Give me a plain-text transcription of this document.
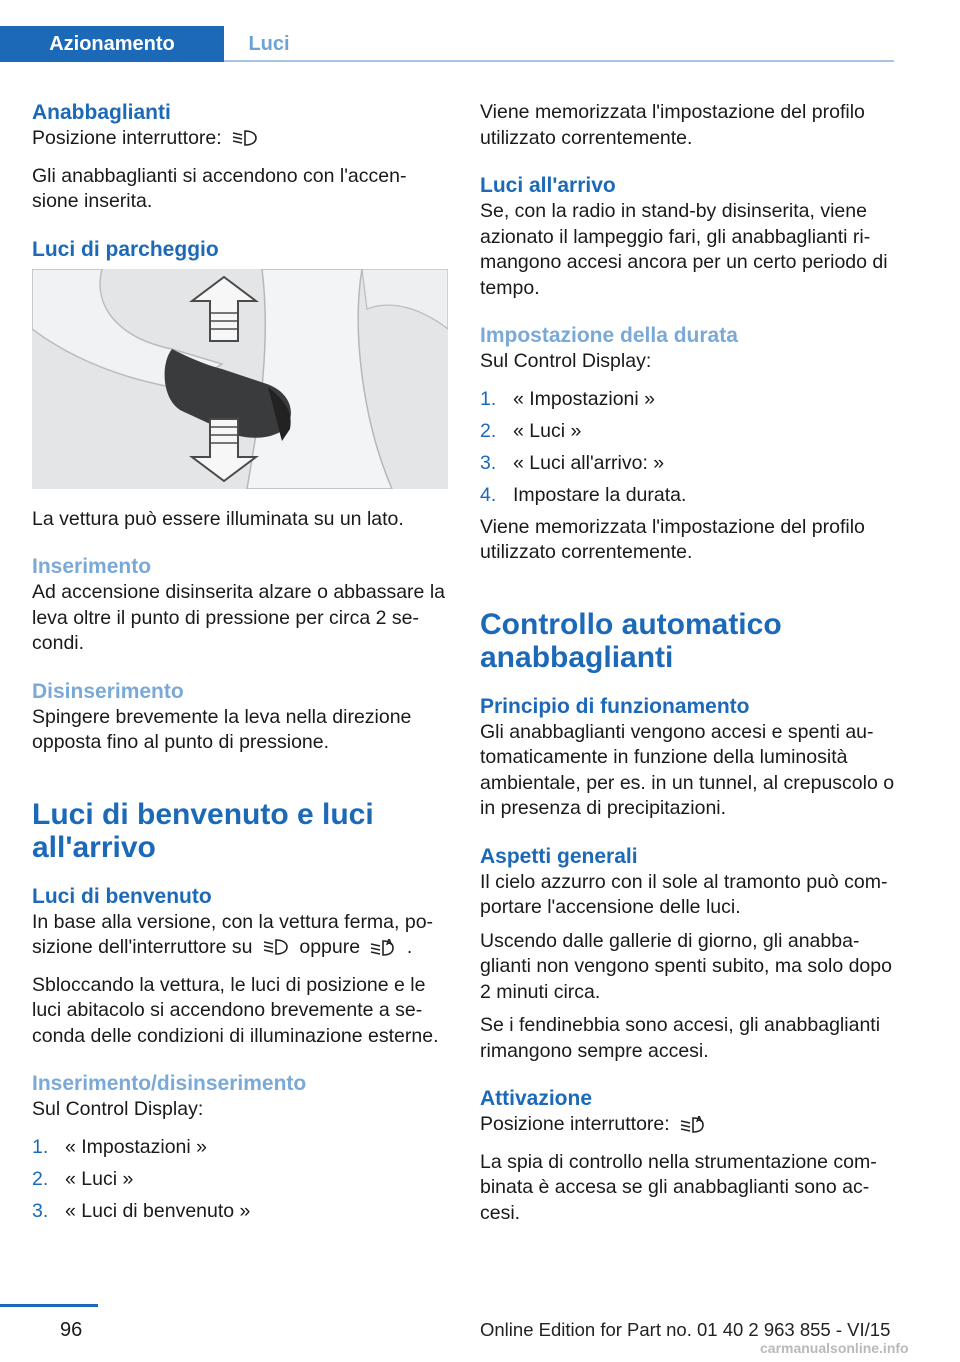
Azionamento	Luci
Anabbaglianti
Posizione interruttore:
Gli anabbaglianti si accendono con l'accen‐ sione inserita.
Luci di parcheggio
La vettura può essere illuminata su un lato.
Inserimento
Ad accensione disinserita alzare o abbassare la leva oltre il punto di pressione per circa 2 se‐ condi.
Disinserimento
Spingere brevemente la leva nella direzione opposta fino al punto di pressione.
Luci di benvenuto e luci all'arrivo
Luci di benvenuto
In base alla versione, con la vettura ferma, po‐ sizione dell'interruttore su oppure	A .
Sbloccando la vettura, le luci di posizione e le luci abitacolo si accendono brevemente a se‐ conda delle condizioni di illuminazione esterne.
Inserimento/disinserimento
Sul Control Display:
1. « Impostazioni »
2. « Luci »
3. « Luci di benvenuto »
Viene memorizzata l'impostazione del profilo utilizzato correntemente.
Luci all'arrivo
Se, con la radio in stand-by disinserita, viene azionato il lampeggio fari, gli anabbaglianti ri‐ mangono accesi ancora per un certo periodo di tempo.
Impostazione della durata
Sul Control Display:
1. « Impostazioni »
2. « Luci »
3. « Luci all'arrivo: »
4. Impostare la durata.
Viene memorizzata l'impostazione del profilo utilizzato correntemente.
Controllo automatico anabbaglianti
Principio di funzionamento
Gli anabbaglianti vengono accesi e spenti au‐ tomaticamente in funzione della luminosità ambientale, per es. in un tunnel, al crepuscolo o in presenza di precipitazioni.
Aspetti generali
Il cielo azzurro con il sole al tramonto può com‐ portare l'accensione delle luci.
Uscendo dalle gallerie di giorno, gli anabba‐ glianti non vengono spenti subito, ma solo dopo 2 minuti circa.
Se i fendinebbia sono accesi, gli anabbaglianti rimangono sempre accesi.
Attivazione
Posizione interruttore:	A
La spia di controllo nella strumentazione com‐ binata è accesa se gli anabbaglianti sono ac‐ cesi.
96	Online Edition for Part no. 01 40 2 963 855 - VI/15
carmanualsonline.info
